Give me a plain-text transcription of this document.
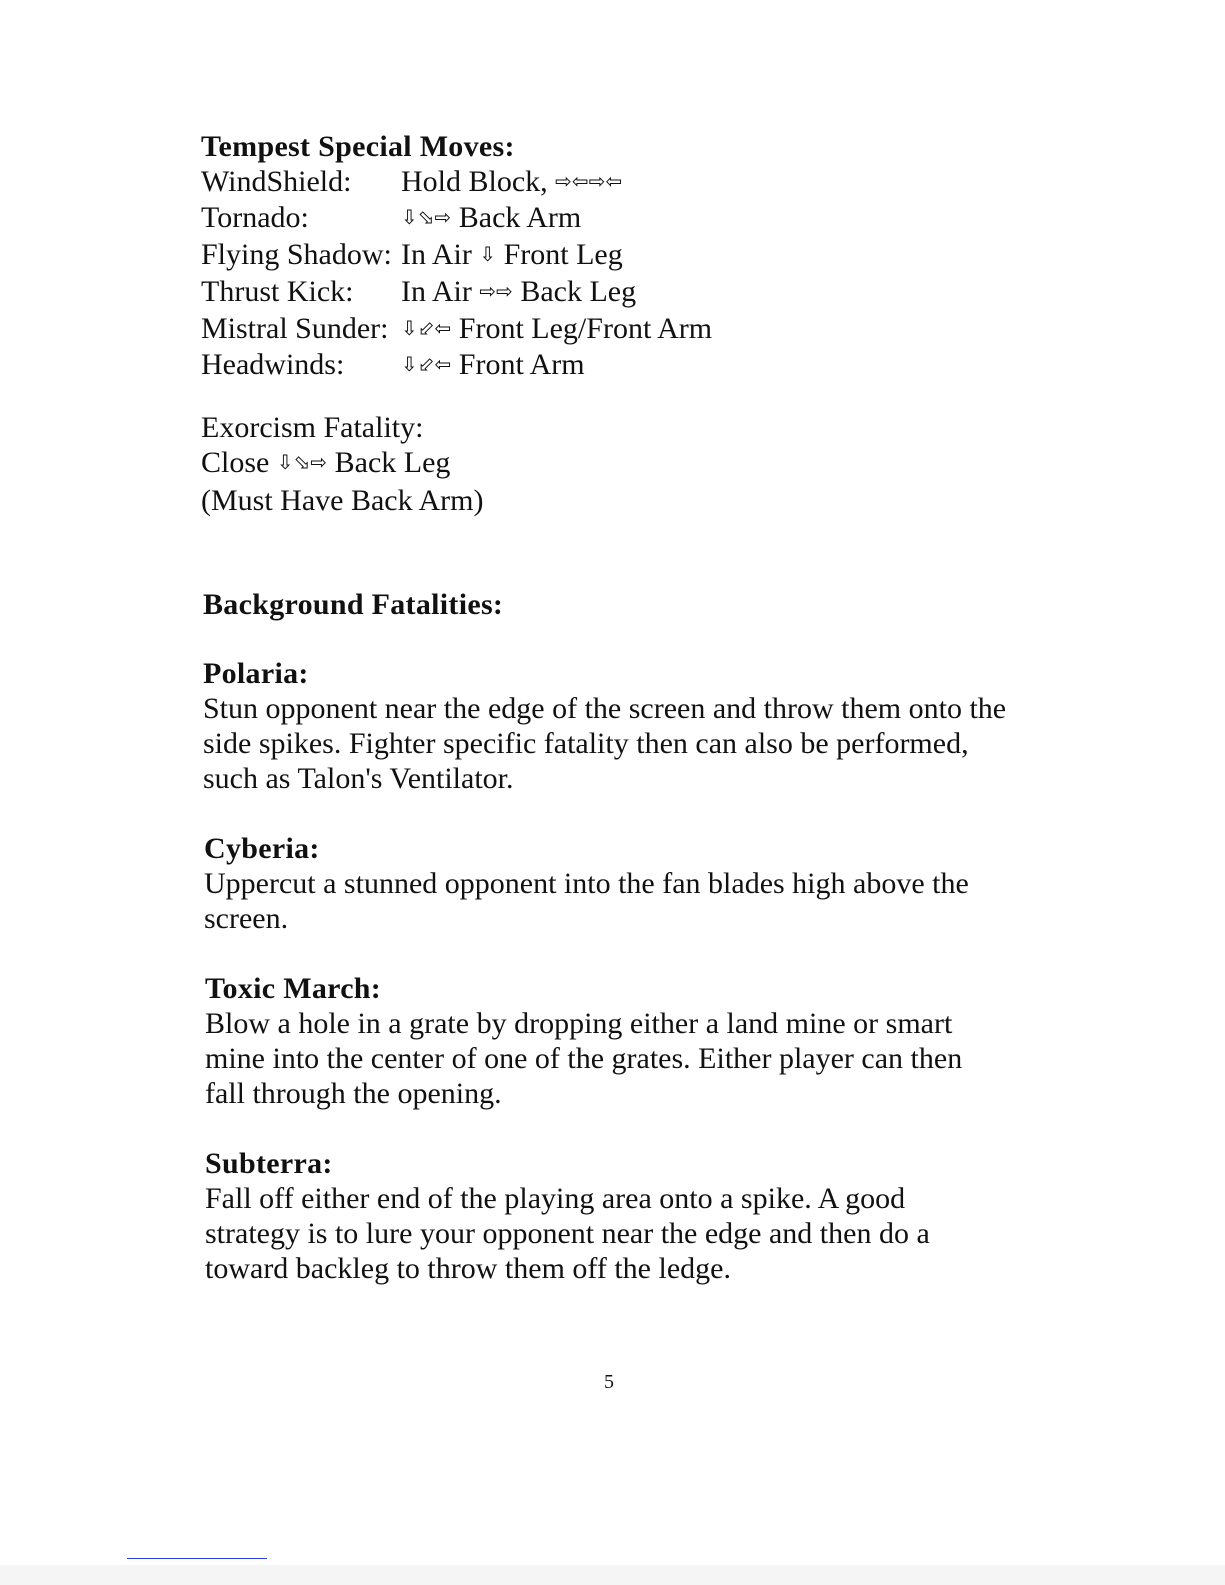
Tempest Special Moves:
WindShield:	Hold Block, ⇨⇦⇨⇦
Tornado:	⇩⬂⇨ Back Arm
Flying Shadow: In Air ⇩ Front Leg
Thrust Kick:	In Air ⇨⇨ Back Leg
Mistral Sunder: ⇩⬃⇦ Front Leg/Front Arm
Headwinds:	⇩⬃⇦ Front Arm
Exorcism Fatality:
Close ⇩⬂⇨ Back Leg
(Must Have Back Arm)
Background Fatalities:
Polaria:
Stun opponent near the edge of the screen and throw them onto the
side spikes. Fighter specific fatality then can also be performed,
such as Talon's Ventilator.
Cyberia:
Uppercut a stunned opponent into the fan blades high above the
screen.
Toxic March:
Blow a hole in a grate by dropping either a land mine or smart
mine into the center of one of the grates. Either player can then
fall through the opening.
Subterra:
Fall off either end of the playing area onto a spike. A good
strategy is to lure your opponent near the edge and then do a
toward backleg to throw them off the ledge.
5
